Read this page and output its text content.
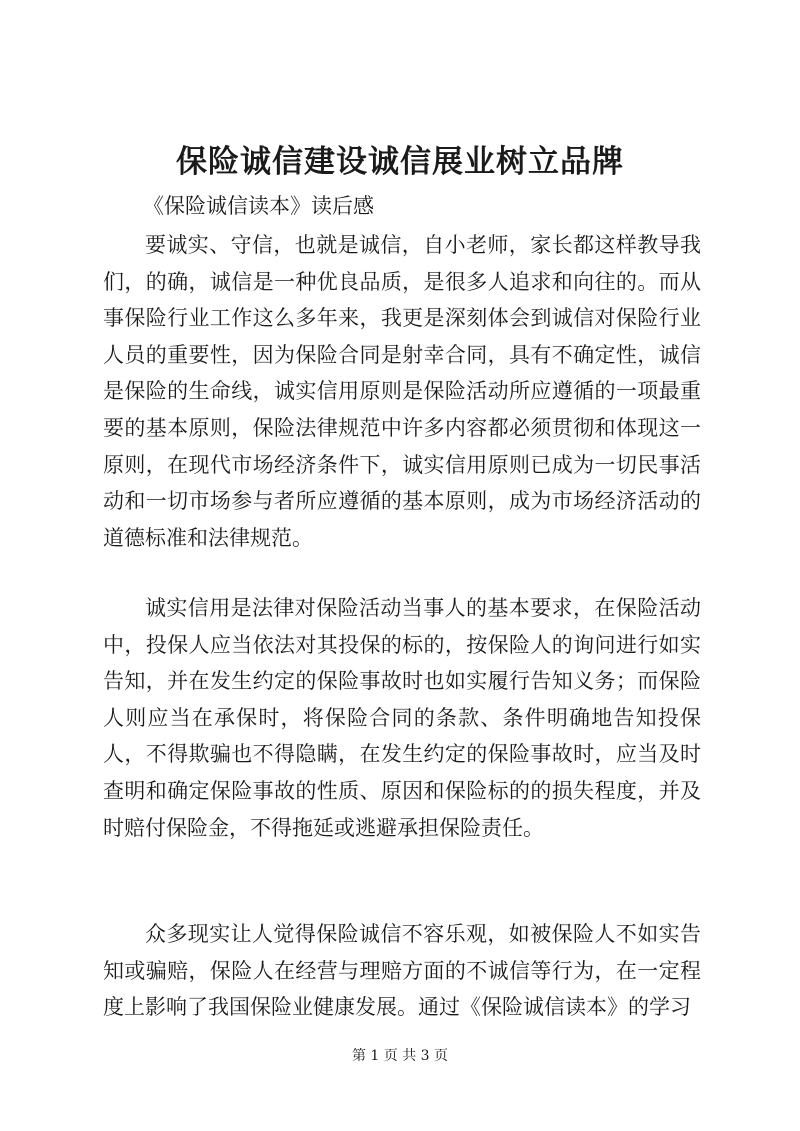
保险诚信建设诚信展业树立品牌

《保险诚信读本》读后感

要诚实、守信，也就是诚信，自小老师，家长都这样教导我们，的确，诚信是一种优良品质，是很多人追求和向往的。而从事保险行业工作这么多年来，我更是深刻体会到诚信对保险行业人员的重要性，因为保险合同是射幸合同，具有不确定性，诚信是保险的生命线，诚实信用原则是保险活动所应遵循的一项最重要的基本原则，保险法律规范中许多内容都必须贯彻和体现这一原则，在现代市场经济条件下，诚实信用原则已成为一切民事活动和一切市场参与者所应遵循的基本原则，成为市场经济活动的道德标准和法律规范。

诚实信用是法律对保险活动当事人的基本要求，在保险活动中，投保人应当依法对其投保的标的，按保险人的询问进行如实告知，并在发生约定的保险事故时也如实履行告知义务；而保险人则应当在承保时，将保险合同的条款、条件明确地告知投保人，不得欺骗也不得隐瞒，在发生约定的保险事故时，应当及时查明和确定保险事故的性质、原因和保险标的的损失程度，并及时赔付保险金，不得拖延或逃避承担保险责任。

众多现实让人觉得保险诚信不容乐观，如被保险人不如实告知或骗赔，保险人在经营与理赔方面的不诚信等行为，在一定程度上影响了我国保险业健康发展。通过《保险诚信读本》的学习

第 1 页 共 3 页
